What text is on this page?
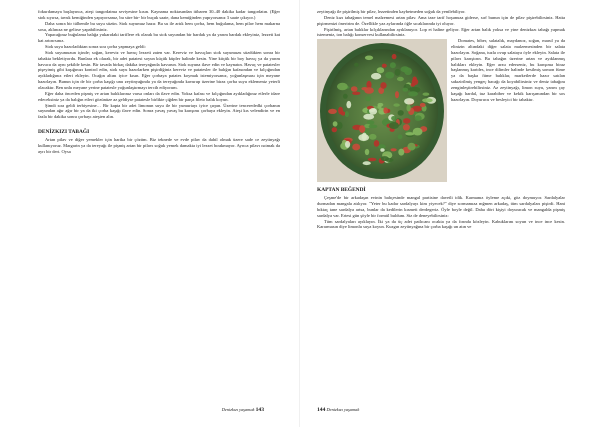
fokurdamaya başlayınca, ateşi tangırdatma seviyesine kısın. Kaynama noktasından itibaren 30–40 dakika kadar tangırdatın. (Eğer stok sıyırsa, tavuk kemiğinden yapıyorsanız, bu süre bir- bir buçuk saate, dana kemiğinden yapıyorsanız 3 saate çıkıyor.)

Daha sonra bir tülbentle bu suyu süzün. Stok suyumuz hazır. Bu su ile artık hem çorba, hem buğulama, hem pilav hem makarna sosu, aklınıza ne gelirse yapabilirsiniz.

Yapacağınız buğulama balığa yukarıdaki tariflere ek olarak bu stok suyundan bir bardak ya da yarım bardak ekleyiniz, lezzeti kat kat artırırsınız.

Stok suyu hazırladıktan sonra sıra çorba yapmaya geldi:

Stok suyumuzun içinde; soğan, kereviz ve havuç lezzeti zaten var. Kereviz ve havuçları stok suyumuzu süzdükten sonra bir tabakta bekletiyordu. Bunlara ek olarak, bir adet patatesi soyun küçük küpler halinde kesin. Yine küçük bir boy havuç ya da yarım havucu da aynı şekilde kesin. Bir tavada birkaç dakika tereyağında kavurun. Stok suyuna ilave edin ve kaynatın. Havuç ve patatesler pişeyimiş gibi kaşığınızı kontrol edin, stok suyu hazırlarken pişirdiğiniz kereviz ve patatesler ile balığın kafasından ve kılçığından ayıkladığınız etleri ekleyin. Ocağın altını iyice kısın. Eğer çorbaya patates koymak istemiyorsanız, yoğunlaşması için meyane hazırlayın. Bunun için de bir çorba kaşığı unu zeytinyağında ya da tereyağında kavurup üzerine biraz çorba suyu eklemeniz yeterli olacaktır. Ben unlu meyane yerine patatesle yoğunlaştırmayı tercih ediyorum.

Eğer daha önceden pişmiş ve artan balıklarınız varsa onları da ilave edin. Yoksa kafası ve kılçığından ayıkladığınız etlerle idare edeceksiniz ya da balığın etleri gözünüze az geldiyse patatesle birlikte çiğden bir parça fileto balık koyun.

Şimdi sıra geldi terbiyesine… Bir kapta bir adet limonun suyu ile bir yumurtayı iyice çırpın. Üzerine tencerededki çorbanın suyundan ağır ağır bir ya da iki çorba kaşığı ilave edin. Sonra yavaş yavaş bu karışımı çorbaya ekleyin. Ateşi kıs velendirin ve en fazla bir dakika sonra çorbayı ateşten alın.

DENİZKIZI TABAĞI

Artan pilav ve diğer yemekler için harika bir çözüm. Biz teknede ve evde pilav da dahil olmak üzere sade ce zeytinyağı kullanıyoruz. Margarin ya da tereyağı ile pişmiş artan bir pilavı soğuk yemek damakta iyi lezzet bırakmayor. Ayrıca pilavı ısıtmak da ayrı bir dert. Oysa

Denizkızı yaşamak 143

zeytinyağı ile pişirilmiş bir pilav, lezzetinden kaybetmeden soğuk da yenilebiliyor.

Deniz kızı tabağının temel malzemesi artan pilav. Ama taze tarif hoşunuza giderse, sırf bunun için de pilav pişirebilirsiniz. Hatta pişirmenizi öneririm de. Özellikle yaz aylarında öğle sıcaklarında iyi oluyor.

Pişirilmiş, artan balıklar kılçıklarından ayıklanıyor. Lop et haline geliyor. Eğer artan balık yoksa ve yine denizkızı tabağı yapmak istemeniz, ton balığı konservesi kullanabilirsiniz.

Domates, biber, salatalık, maydanoz, soğan, marul ya da elinizin altındaki diğer salata malzemesinden bir salata hazırlayın. Soğana, tuzla ovup salataya öyle ekleyin. Salata ile pilavı karıştırın. Bu tabağın üzerine artan ve ayıklanmış balıkları ekleyin. Eğer arzu ederseniz, bu karışıma biraz başlanmış karides, ince dilimler halinde kesilmiş somon füme ya da başka füme balıklar, marketlerde hazır satılan sakızirilmiş yengeç bacağı da koyabilirsiniz ve deniz tabağını zenginleştirebilirsiniz. Az zeytinyağı, limon suyu, yarım çay kaşağı hardal, tuz karabiber ve kekik karışımından bir sos hazırlayın. Doyurucu ve besleyici bir tabaktır.

KAPTAN BEĞENDİ

Çeşme'de bir arkadaşın evinin bahçesinde mangal partisine davetli idik. Karmanız öyleme açıki, göz doymuyor. Sardalyalar durmadan mangala atılıyor. "Yeter bu kadar sardalyayı kim yiyecek?" diye sormamıza mğmen arkadaş, tüm sardalyaları pişirdi. Hani bıktaç tane sardalya artsa, bunlar da kedilerin kısmeti derdegeriz. Öyle boyle değil. Daha dört kişiyi doyuracak ve mangalda pişmiş sardalya var. Ertesi gün şöyle bir formül buldum. Siz de deneyebilirsiniz:

Tüm sardalyaları ayıklayın. İki ya da üç adet patlıcanı ocakta ya da fırında közleyin. Kabuklarını soyun ve ince ince kesin. Kararmasın diye limonlu suya koyun. Kuzgın zeytinyağına bir çorba kaşığı un atın ve

144 Denizkızı yaşamak
